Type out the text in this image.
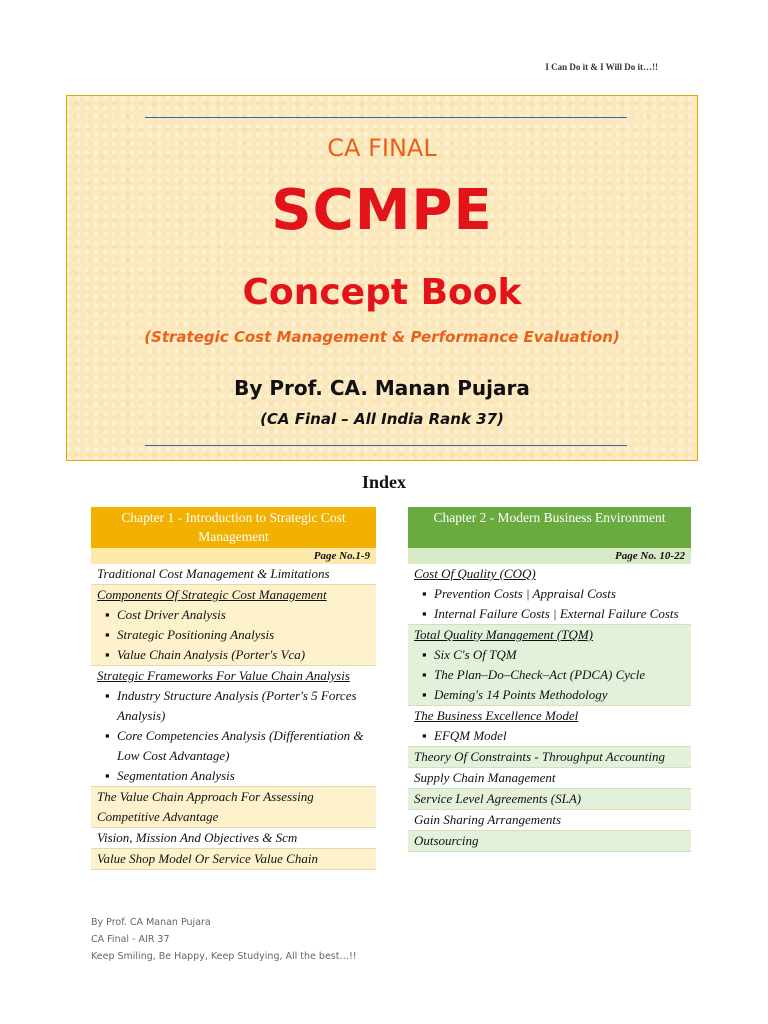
I Can Do it & I Will Do it…!!
CA FINAL
SCMPE
Concept Book
(Strategic Cost Management & Performance Evaluation)
By Prof. CA. Manan Pujara
(CA Final – All India Rank 37)
Index
Chapter 1 - Introduction to Strategic Cost Management
Page No.1-9
Traditional Cost Management & Limitations
Components Of Strategic Cost Management
▪ Cost Driver Analysis
▪ Strategic Positioning Analysis
▪ Value Chain Analysis (Porter's Vca)
Strategic Frameworks For Value Chain Analysis
▪ Industry Structure Analysis (Porter's 5 Forces Analysis)
▪ Core Competencies Analysis (Differentiation & Low Cost Advantage)
▪ Segmentation Analysis
The Value Chain Approach For Assessing Competitive Advantage
Vision, Mission And Objectives & Scm
Value Shop Model Or Service Value Chain
Chapter 2 - Modern Business Environment
Page No. 10-22
Cost Of Quality (COQ)
▪ Prevention Costs | Appraisal Costs
▪ Internal Failure Costs | External Failure Costs
Total Quality Management (TQM)
▪ Six C's Of TQM
▪ The Plan–Do–Check–Act (PDCA) Cycle
▪ Deming's 14 Points Methodology
The Business Excellence Model
▪ EFQM Model
Theory Of Constraints - Throughput Accounting
Supply Chain Management
Service Level Agreements (SLA)
Gain Sharing Arrangements
Outsourcing
By Prof. CA Manan Pujara
CA Final - AIR 37
Keep Smiling, Be Happy, Keep Studying, All the best…!!
